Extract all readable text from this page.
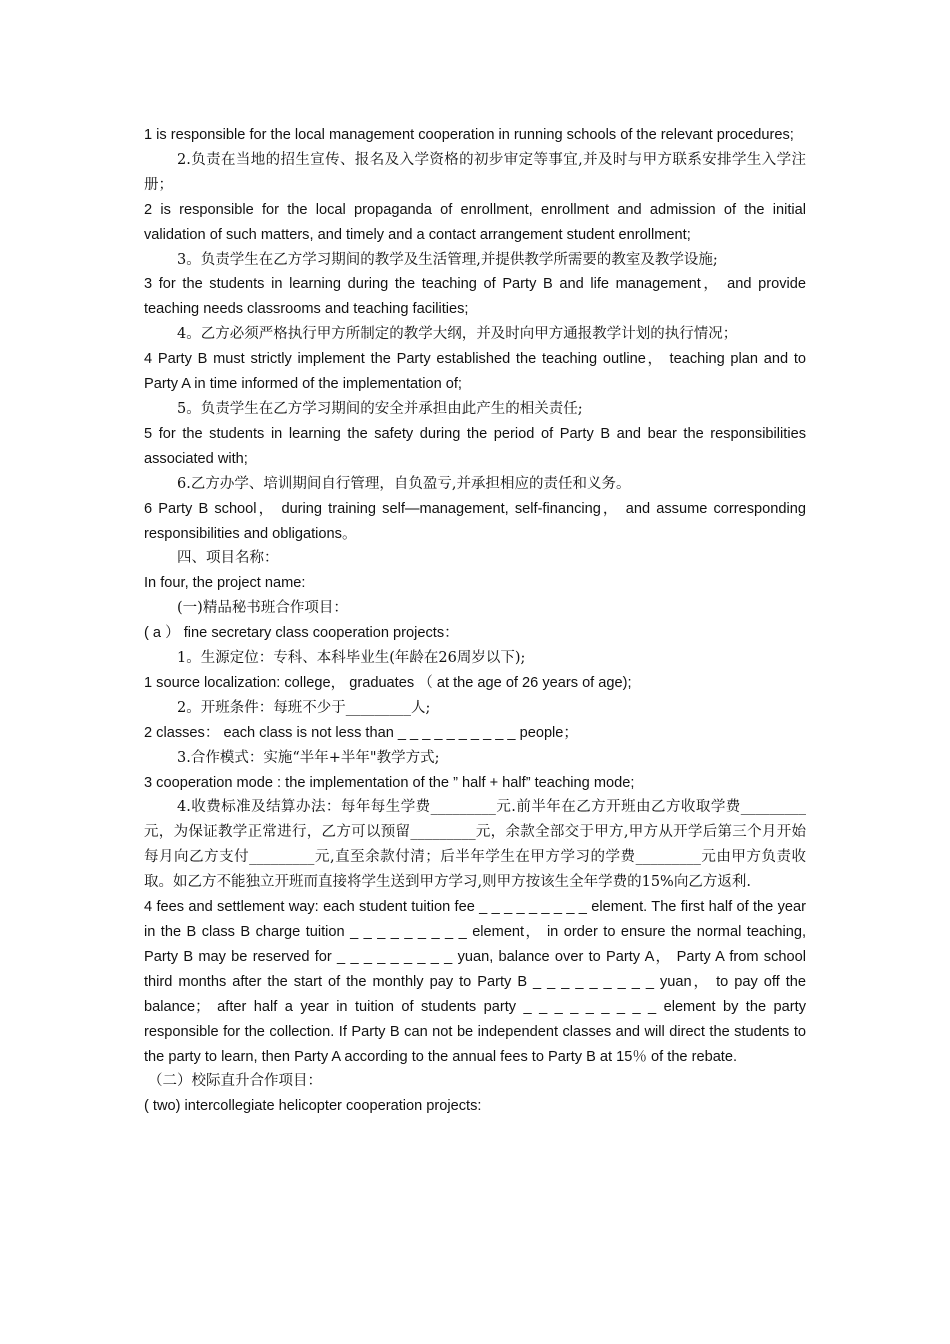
1 is responsible for the local management cooperation in running schools of the relevant procedures;

2.负责在当地的招生宣传、报名及入学资格的初步审定等事宜,并及时与甲方联系安排学生入学注册；

2 is responsible for the local propaganda of enrollment, enrollment and admission of the initial validation of such matters, and timely and a contact arrangement student enrollment;

3。负责学生在乙方学习期间的教学及生活管理,并提供教学所需要的教室及教学设施;

3 for the students in learning during the teaching of Party B and life management， and provide teaching needs classrooms and teaching facilities;

4。乙方必须严格执行甲方所制定的教学大纲，并及时向甲方通报教学计划的执行情况；

4 Party B must strictly implement the Party established the teaching outline， teaching plan and to Party A in time informed of the implementation of;

5。负责学生在乙方学习期间的安全并承担由此产生的相关责任;

5 for the students in learning the safety during the period of Party B and bear the responsibilities associated with;

6.乙方办学、培训期间自行管理，自负盈亏,并承担相应的责任和义务。

6 Party B school， during training self—management, self-financing， and assume corresponding responsibilities and obligations。

四、项目名称：

In four, the project name:

(一)精品秘书班合作项目：

( a ） fine secretary class cooperation projects：

1。生源定位：专科、本科毕业生(年龄在26周岁以下);

1 source localization: college， graduates （ at the age of 26 years of age);

2。开班条件：每班不少于_________人;

2 classes： each class is not less than _ _ _ _ _ _ _ _ _ _ people；

3.合作模式：实施“半年+半年"教学方式;

3 cooperation mode : the implementation of the ” half + half” teaching mode;

4.收费标准及结算办法：每年每生学费_________元.前半年在乙方开班由乙方收取学费_________元，为保证教学正常进行，乙方可以预留_________元，余款全部交于甲方,甲方从开学后第三个月开始每月向乙方支付_________元,直至余款付清；后半年学生在甲方学习的学费_________元由甲方负责收取。如乙方不能独立开班而直接将学生送到甲方学习,则甲方按该生全年学费的15%向乙方返利.

4 fees and settlement way: each student tuition fee _ _ _ _ _ _ _ _ _ element. The first half of the year in the B class B charge tuition _ _ _ _ _ _ _ _ _ element， in order to ensure the normal teaching, Party B may be reserved for _ _ _ _ _ _ _ _ _ yuan, balance over to Party A， Party A from school third months after the start of the monthly pay to Party B _ _ _ _ _ _ _ _ _ yuan， to pay off the balance； after half a year in tuition of students party _ _ _ _ _ _ _ _ _ element by the party responsible for the collection. If Party B can not be independent classes and will direct the students to the party to learn, then Party A according to the annual fees to Party B at 15％ of the rebate.

（二）校际直升合作项目：

( two) intercollegiate helicopter cooperation projects:
